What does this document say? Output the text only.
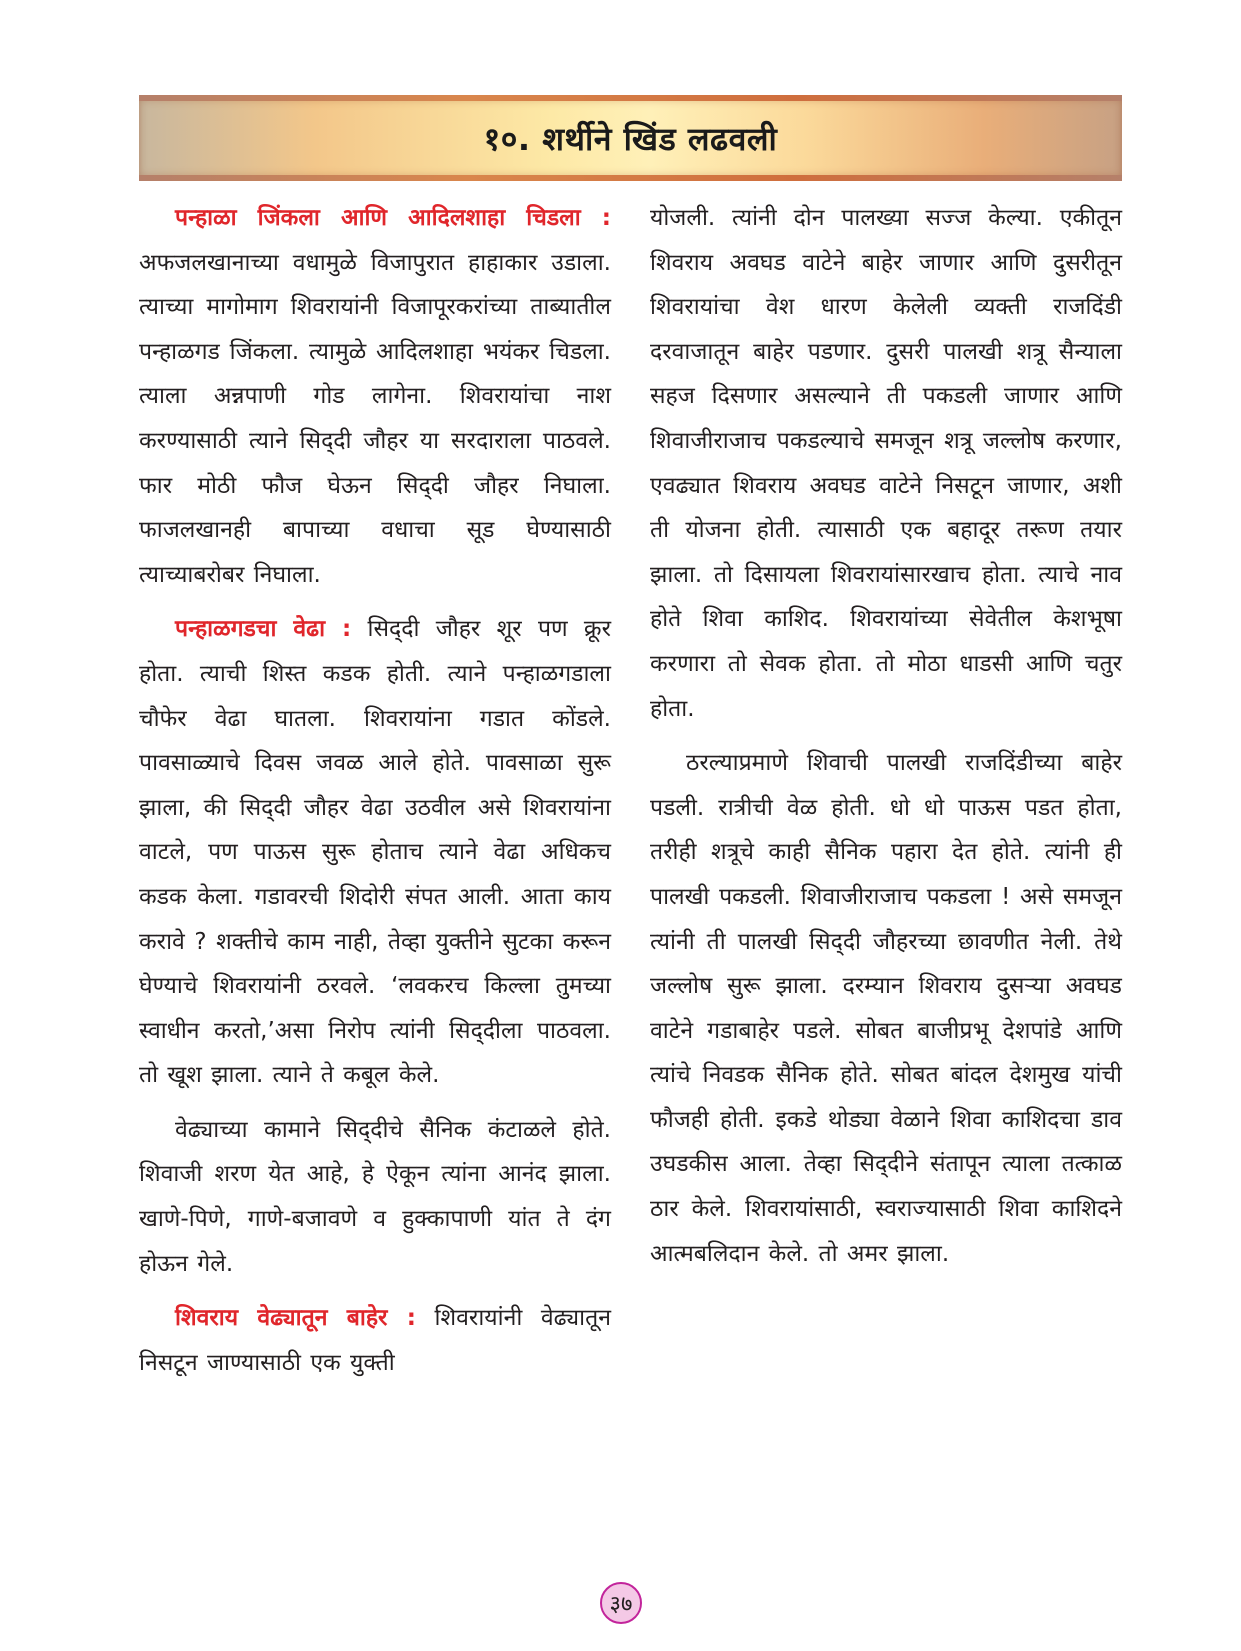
१०. शर्थीने खिंड लढवली

पन्हाळा जिंकला आणि आदिलशाहा चिडला : अफजलखानाच्या वधामुळे विजापुरात हाहाकार उडाला. त्याच्या मागोमाग शिवरायांनी विजापूरकरांच्या ताब्यातील पन्हाळगड जिंकला. त्यामुळे आदिलशाहा भयंकर चिडला. त्याला अन्नपाणी गोड लागेना. शिवरायांचा नाश करण्यासाठी त्याने सिद्‌दी जौहर या सरदाराला पाठवले. फार मोठी फौज घेऊन सिद्‌दी जौहर निघाला. फाजलखानही बापाच्या वधाचा सूड घेण्यासाठी त्याच्याबरोबर निघाला.

पन्हाळगडचा वेढा : सिद्‌दी जौहर शूर पण क्रूर होता. त्याची शिस्त कडक होती. त्याने पन्हाळगडाला चौफेर वेढा घातला. शिवरायांना गडात कोंडले. पावसाळ्याचे दिवस जवळ आले होते. पावसाळा सुरू झाला, की सिद्‌दी जौहर वेढा उठवील असे शिवरायांना वाटले, पण पाऊस सुरू होताच त्याने वेढा अधिकच कडक केला. गडावरची शिदोरी संपत आली. आता काय करावे ? शक्तीचे काम नाही, तेव्हा युक्तीने सुटका करून घेण्याचे शिवरायांनी ठरवले. ‘लवकरच किल्ला तुमच्या स्वाधीन करतो,’असा निरोप त्यांनी सिद्‌दीला पाठवला. तो खूश झाला. त्याने ते कबूल केले.

वेढ्याच्या कामाने सिद्‌दीचे सैनिक कंटाळले होते. शिवाजी शरण येत आहे, हे ऐकून त्यांना आनंद झाला. खाणे-पिणे, गाणे-बजावणे व हुक्कापाणी यांत ते दंग होऊन गेले.

शिवराय वेढ्यातून बाहेर : शिवरायांनी वेढ्यातून निसटून जाण्यासाठी एक युक्ती

योजली. त्यांनी दोन पालख्या सज्ज केल्या. एकीतून शिवराय अवघड वाटेने बाहेर जाणार आणि दुसरीतून शिवरायांचा वेश धारण केलेली व्यक्ती राजदिंडी दरवाजातून बाहेर पडणार. दुसरी पालखी शत्रू सैन्याला सहज दिसणार असल्याने ती पकडली जाणार आणि शिवाजीराजाच पकडल्याचे समजून शत्रू जल्लोष करणार, एवढ्यात शिवराय अवघड वाटेने निसटून जाणार, अशी ती योजना होती. त्यासाठी एक बहादूर तरूण तयार झाला. तो दिसायला शिवरायांसारखाच होता. त्याचे नाव होते शिवा काशिद. शिवरायांच्या सेवेतील केशभूषा करणारा तो सेवक होता. तो मोठा धाडसी आणि चतुर होता.

ठरल्याप्रमाणे शिवाची पालखी राजदिंडीच्या बाहेर पडली. रात्रीची वेळ होती. धो धो पाऊस पडत होता, तरीही शत्रूचे काही सैनिक पहारा देत होते. त्यांनी ही पालखी पकडली. शिवाजीराजाच पकडला ! असे समजून त्यांनी ती पालखी सिद्‌दी जौहरच्या छावणीत नेली. तेथे जल्लोष सुरू झाला. दरम्यान शिवराय दुसऱ्या अवघड वाटेने गडाबाहेर पडले. सोबत बाजीप्रभू देशपांडे आणि त्यांचे निवडक सैनिक होते. सोबत बांदल देशमुख यांची फौजही होती. इकडे थोड्या वेळाने शिवा काशिदचा डाव उघडकीस आला. तेव्हा सिद्‌दीने संतापून त्याला तत्काळ ठार केले. शिवरायांसाठी, स्वराज्यासाठी शिवा काशिदने आत्मबलिदान केले. तो अमर झाला.

३७
